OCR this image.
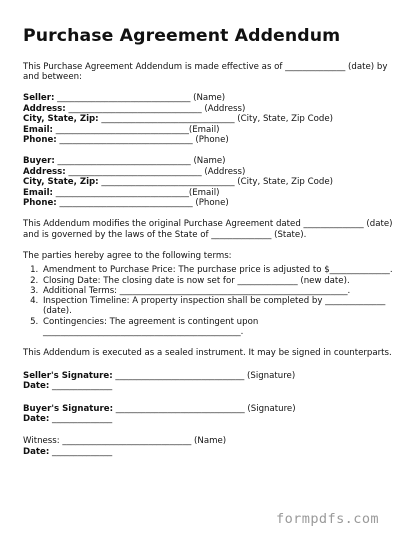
Purchase Agreement Addendum

This Purchase Agreement Addendum is made effective as of ______________ (date) by and between:

Seller: _______________________________ (Name)
Address: _______________________________ (Address)
City, State, Zip: _______________________________ (City, State, Zip Code)
Email: _______________________________(Email)
Phone: _______________________________ (Phone)
Buyer: _______________________________ (Name)
Address: _______________________________ (Address)
City, State, Zip: _______________________________ (City, State, Zip Code)
Email: _______________________________(Email)
Phone: _______________________________ (Phone)

This Addendum modifies the original Purchase Agreement dated ______________ (date) and is governed by the laws of the State of ______________ (State).

The parties hereby agree to the following terms:

1. Amendment to Purchase Price: The purchase price is adjusted to $______________.
2. Closing Date: The closing date is now set for ______________ (new date).
3. Additional Terms: _____________________________________________________.
4. Inspection Timeline: A property inspection shall be completed by ______________ (date).
5. Contingencies: The agreement is contingent upon ______________________________________________.

This Addendum is executed as a sealed instrument. It may be signed in counterparts.

Seller's Signature: ______________________________ (Signature)
Date: ______________
Buyer's Signature: ______________________________ (Signature)
Date: ______________
Witness: ______________________________ (Name)
Date: ______________
formpdfs.com
